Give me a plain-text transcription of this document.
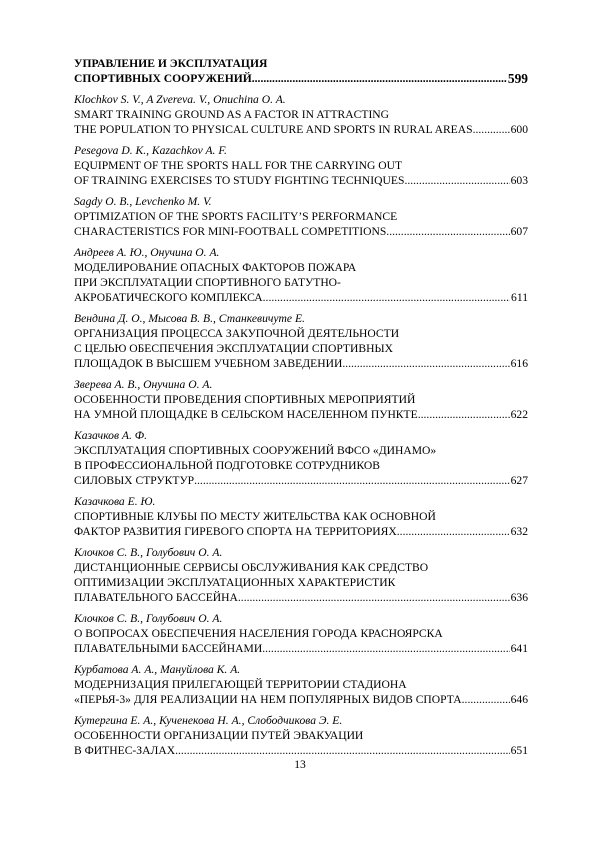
УПРАВЛЕНИЕ И ЭКСПЛУАТАЦИЯ
СПОРТИВНЫХ СООРУЖЕНИЙ .....	599
Klochkov S. V., A Zvereva. V., Onuchina O. A.
SMART TRAINING GROUND AS A FACTOR IN ATTRACTING
THE POPULATION TO PHYSICAL CULTURE AND SPORTS IN RURAL AREAS .....	600
Pesegova D. K., Kazachkov A. F.
EQUIPMENT OF THE SPORTS HALL FOR THE CARRYING OUT
OF TRAINING EXERCISES TO STUDY FIGHTING TECHNIQUES .....	603
Sagdy O. B., Levchenko M. V.
OPTIMIZATION OF THE SPORTS FACILITY’S PERFORMANCE
CHARACTERISTICS FOR MINI-FOOTBALL COMPETITIONS .....	607
Андреев А. Ю., Онучина О. А.
МОДЕЛИРОВАНИЕ ОПАСНЫХ ФАКТОРОВ ПОЖАРА
ПРИ ЭКСПЛУАТАЦИИ СПОРТИВНОГО БАТУТНО-
АКРОБАТИЧЕСКОГО КОМПЛЕКСА .....	611
Вендина Д. О., Мысова В. В., Станкевичуте Е.
ОРГАНИЗАЦИЯ ПРОЦЕССА ЗАКУПОЧНОЙ ДЕЯТЕЛЬНОСТИ
С ЦЕЛЬЮ ОБЕСПЕЧЕНИЯ ЭКСПЛУАТАЦИИ СПОРТИВНЫХ
ПЛОЩАДОК В ВЫСШЕМ УЧЕБНОМ ЗАВЕДЕНИИ .....	616
Зверева А. В., Онучина О. А.
ОСОБЕННОСТИ ПРОВЕДЕНИЯ СПОРТИВНЫХ МЕРОПРИЯТИЙ
НА УМНОЙ ПЛОЩАДКЕ В СЕЛЬСКОМ НАСЕЛЕННОМ ПУНКТЕ .....	622
Казачков А. Ф.
ЭКСПЛУАТАЦИЯ СПОРТИВНЫХ СООРУЖЕНИЙ ВФСО «ДИНАМО»
В ПРОФЕССИОНАЛЬНОЙ ПОДГОТОВКЕ СОТРУДНИКОВ
СИЛОВЫХ СТРУКТУР .....	627
Казачкова Е. Ю.
СПОРТИВНЫЕ КЛУБЫ ПО МЕСТУ ЖИТЕЛЬСТВА КАК ОСНОВНОЙ
ФАКТОР РАЗВИТИЯ ГИРЕВОГО СПОРТА НА ТЕРРИТОРИЯХ .....	632
Клочков С. В., Голубович О. А.
ДИСТАНЦИОННЫЕ СЕРВИСЫ ОБСЛУЖИВАНИЯ КАК СРЕДСТВО
ОПТИМИЗАЦИИ ЭКСПЛУАТАЦИОННЫХ ХАРАКТЕРИСТИК
ПЛАВАТЕЛЬНОГО БАССЕЙНА .....	636
Клочков С. В., Голубович О. А.
О ВОПРОСАХ ОБЕСПЕЧЕНИЯ НАСЕЛЕНИЯ ГОРОДА КРАСНОЯРСКА
ПЛАВАТЕЛЬНЫМИ БАССЕЙНАМИ .....	641
Курбатова А. А., Мануйлова К. А.
МОДЕРНИЗАЦИЯ ПРИЛЕГАЮЩЕЙ ТЕРРИТОРИИ СТАДИОНА
«ПЕРЬЯ-3» ДЛЯ РЕАЛИЗАЦИИ НА НЕМ ПОПУЛЯРНЫХ ВИДОВ СПОРТА .....	646
Кутергина Е. А., Кученекова Н. А., Слободчикова Э. Е.
ОСОБЕННОСТИ ОРГАНИЗАЦИИ ПУТЕЙ ЭВАКУАЦИИ
В ФИТНЕС-ЗАЛАХ .....	651
13
